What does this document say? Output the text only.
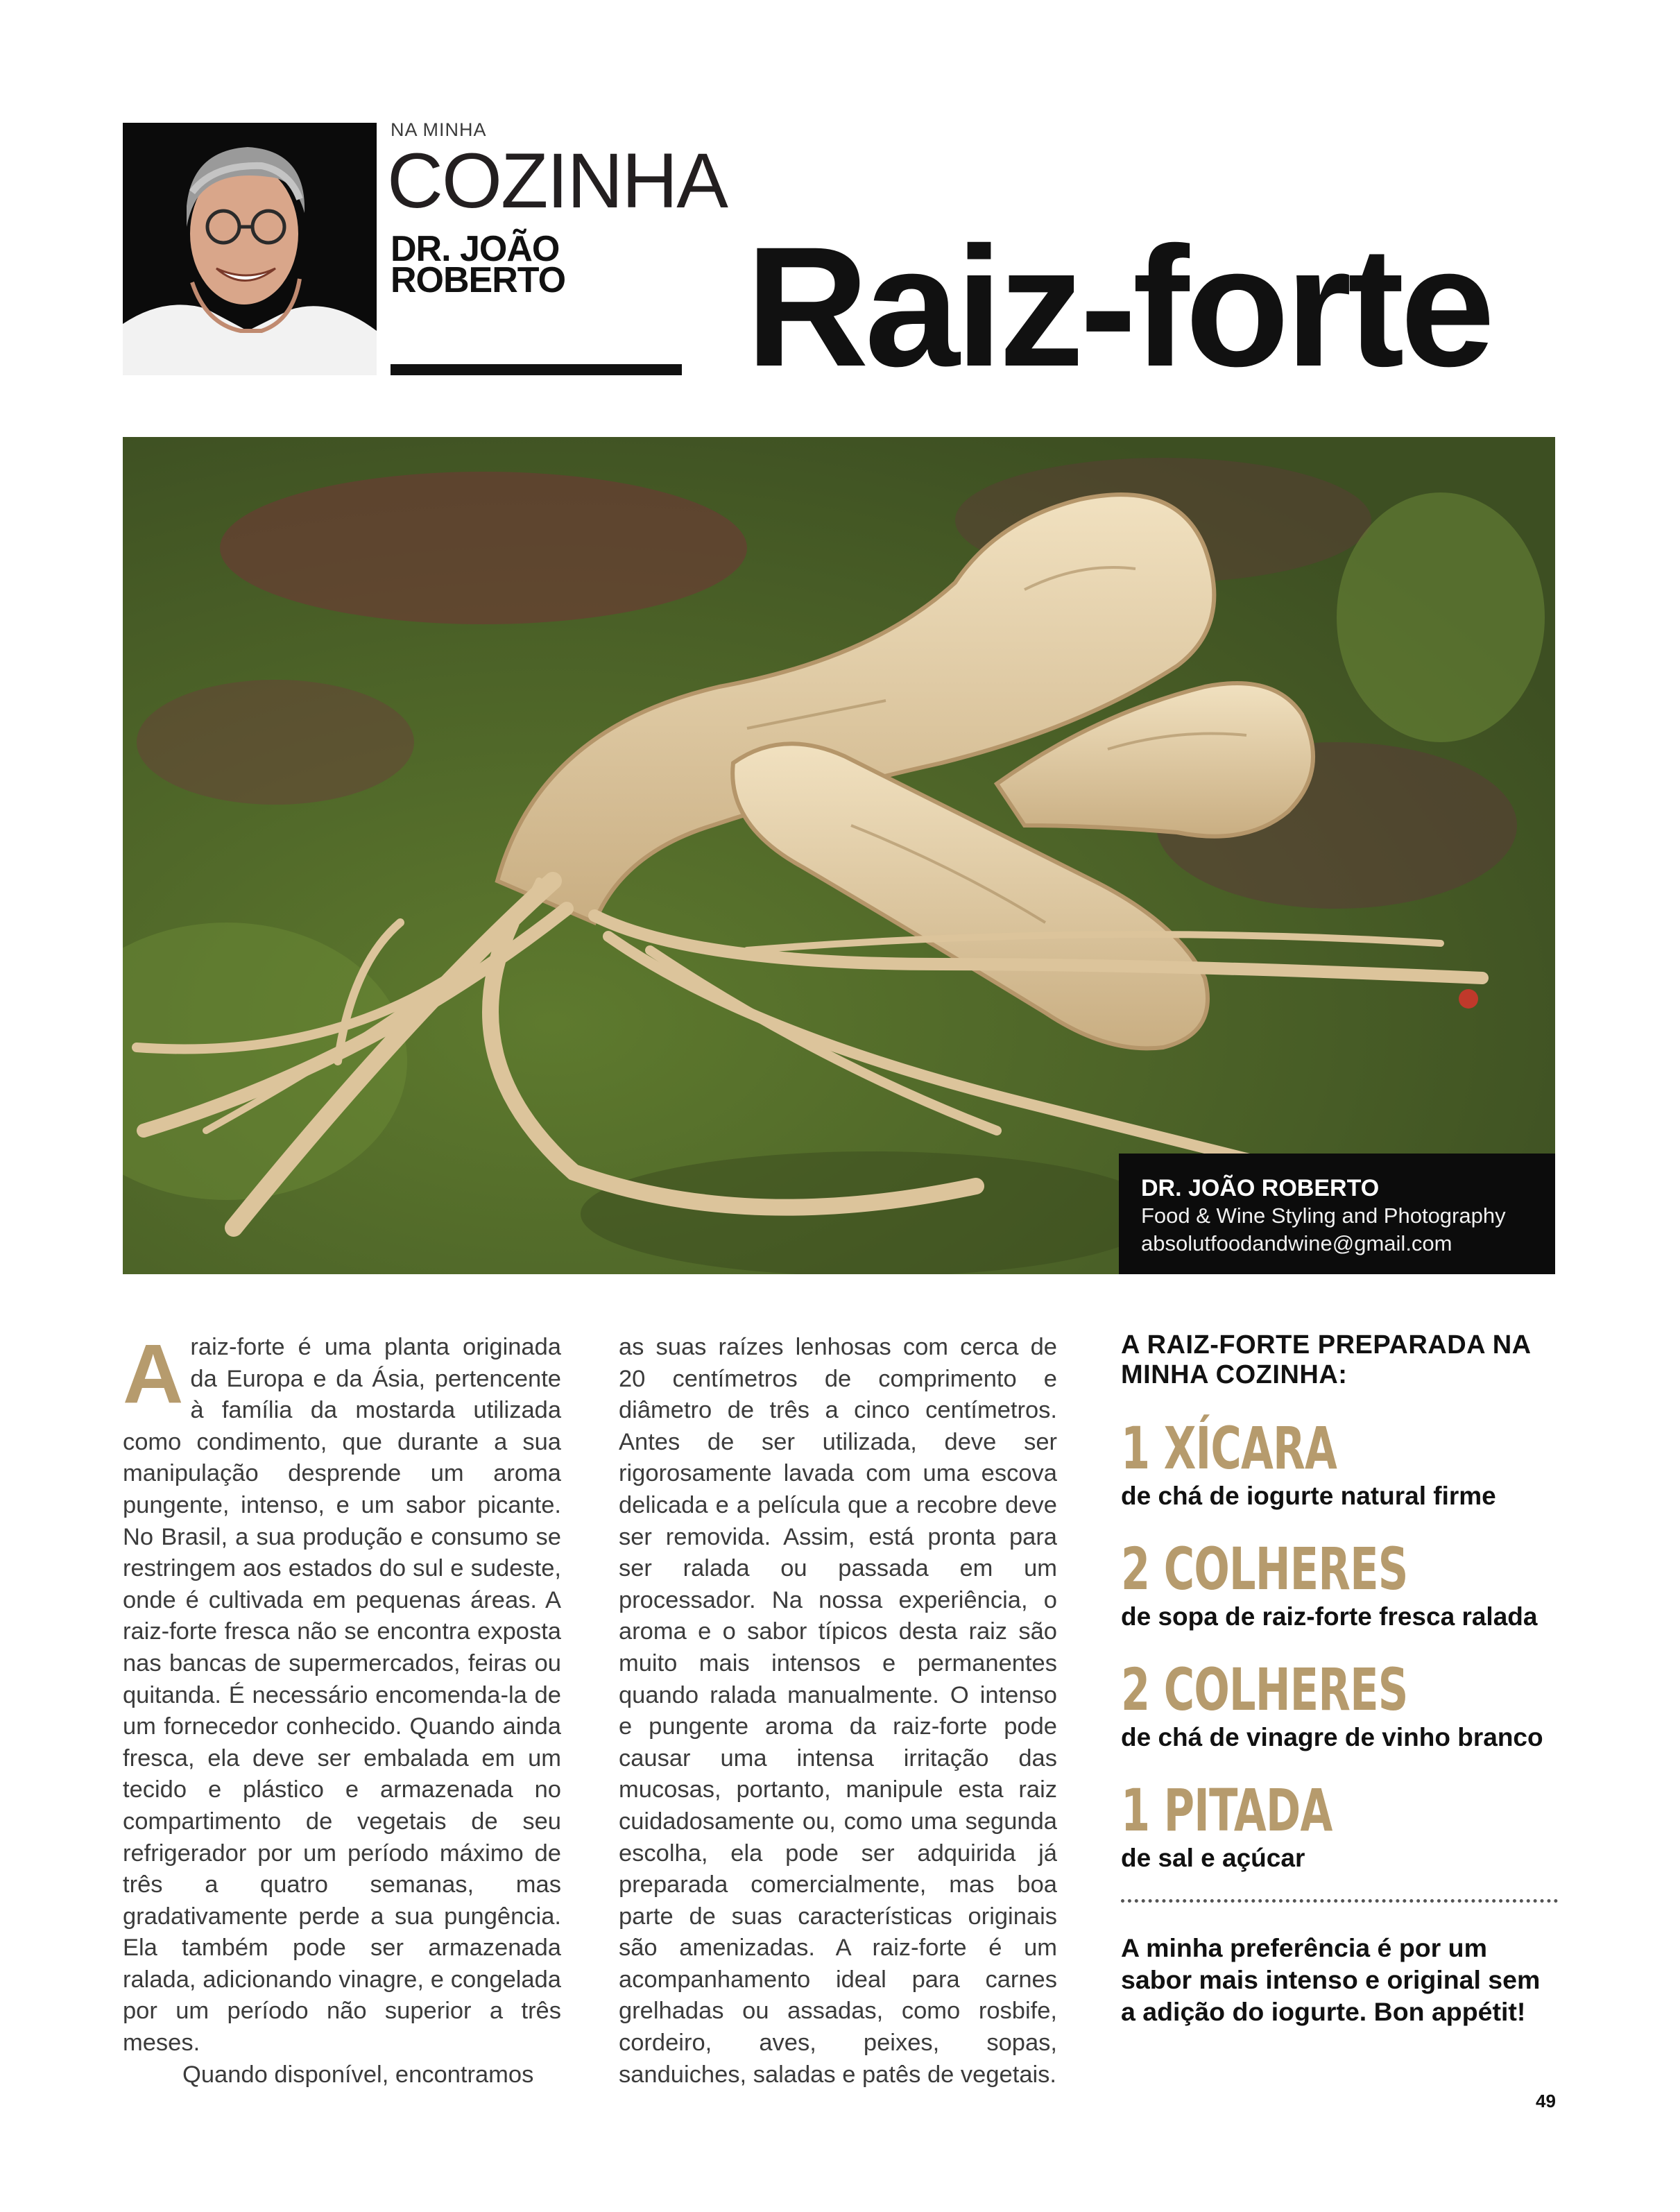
NA MINHA
COZINHA
DR. JOÃO ROBERTO Raiz-forte
DR. JOÃO ROBERTO
Food & Wine Styling and Photography
absolutfoodandwine@gmail.com
A raiz-forte é uma planta originada da Europa e da Ásia, pertencente à família da mostarda utilizada como condimento, que durante a sua manipulação desprende um aroma pungente, intenso, e um sabor picante. No Brasil, a sua produção e consumo se restringem aos estados do sul e sudeste, onde é cultivada em pequenas áreas. A raiz-forte fresca não se encontra exposta nas bancas de supermercados, feiras ou quitanda. É necessário encomenda-la de um fornecedor conhecido. Quando ainda fresca, ela deve ser embalada em um tecido e plástico e armazenada no compartimento de vegetais de seu refrigerador por um período máximo de três a quatro semanas, mas gradativamente perde a sua pungência. Ela também pode ser armazenada ralada, adicionando vinagre, e congelada por um período não superior a três meses.
Quando disponível, encontramos
as suas raízes lenhosas com cerca de 20 centímetros de comprimento e diâmetro de três a cinco centímetros. Antes de ser utilizada, deve ser rigorosamente lavada com uma escova delicada e a película que a recobre deve ser removida. Assim, está pronta para ser ralada ou passada em um processador. Na nossa experiência, o aroma e o sabor típicos desta raiz são muito mais intensos e permanentes quando ralada manualmente. O intenso e pungente aroma da raiz-forte pode causar uma intensa irritação das mucosas, portanto, manipule esta raiz cuidadosamente ou, como uma segunda escolha, ela pode ser adquirida já preparada comercialmente, mas boa parte de suas características originais são amenizadas. A raiz-forte é um acompanhamento ideal para carnes grelhadas ou assadas, como rosbife, cordeiro, aves, peixes, sopas, sanduiches, saladas e patês de vegetais.
A RAIZ-FORTE PREPARADA NA MINHA COZINHA:
1 XÍCARA
de chá de iogurte natural firme
2 COLHERES
de sopa de raiz-forte fresca ralada
2 COLHERES
de chá de vinagre de vinho branco
1 PITADA
de sal e açúcar
A minha preferência é por um sabor mais intenso e original sem a adição do iogurte. Bon appétit!
49
